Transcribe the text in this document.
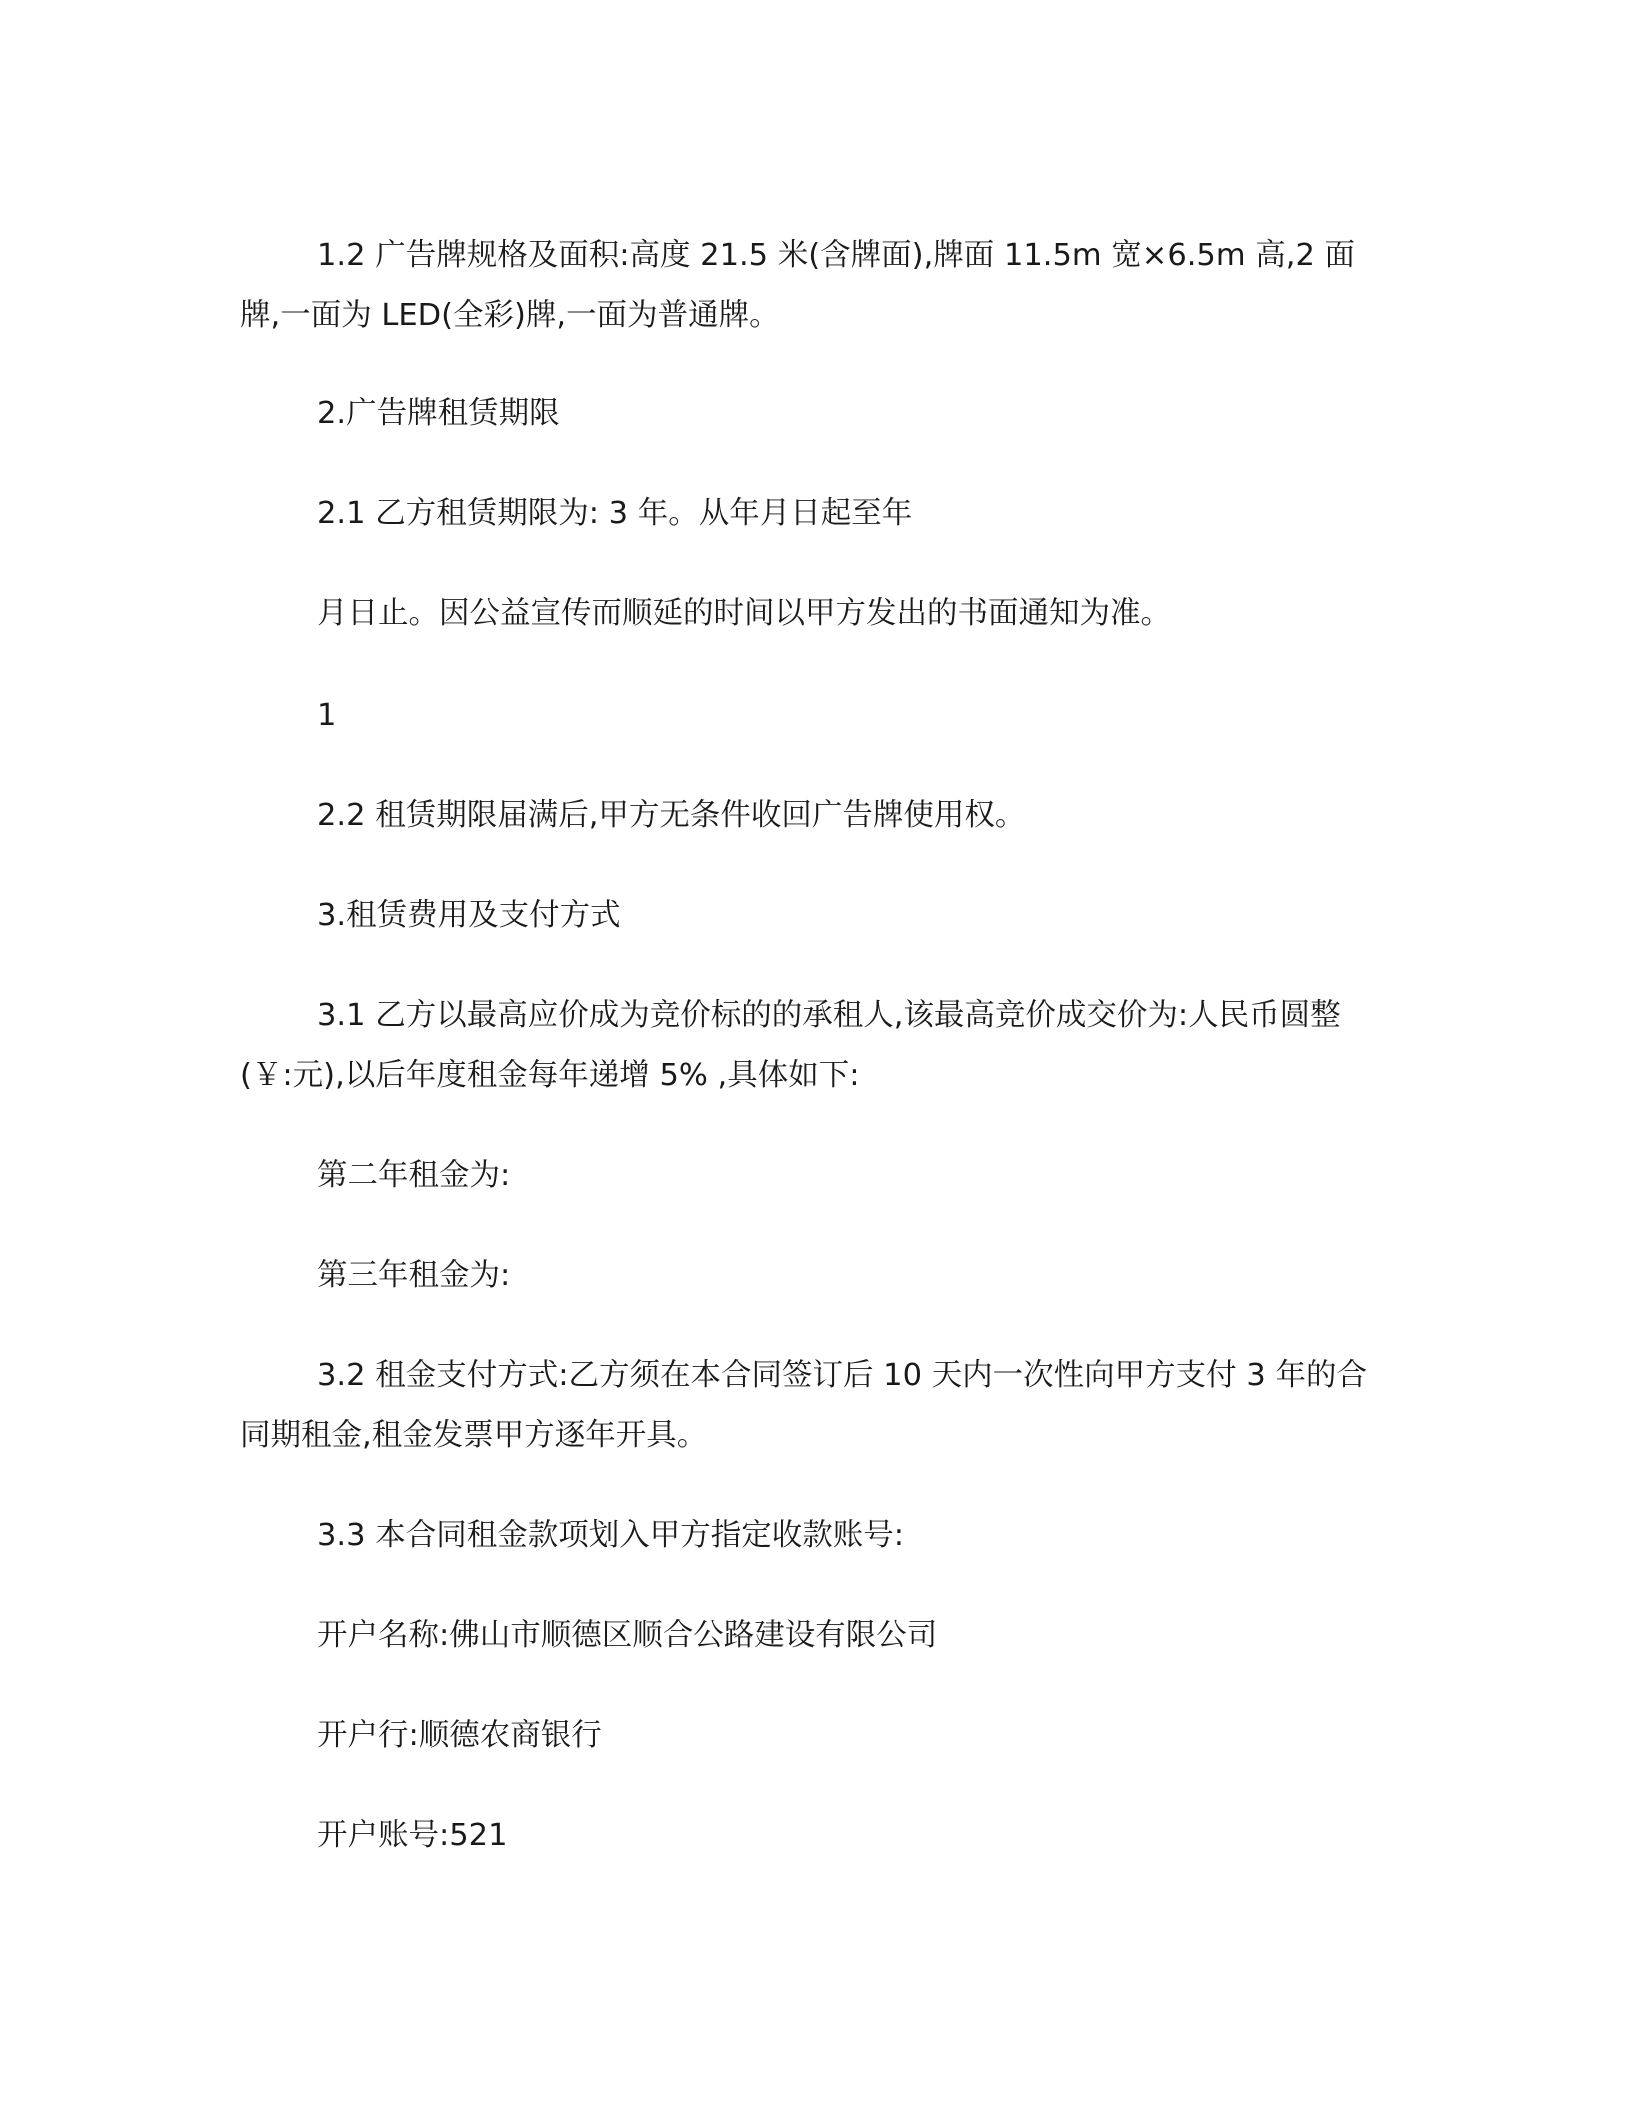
1.2 广告牌规格及面积:高度 21.5 米(含牌面),牌面 11.5m 宽×6.5m 高,2 面牌,一面为 LED(全彩)牌,一面为普通牌。

2.广告牌租赁期限

2.1 乙方租赁期限为: 3 年。从年月日起至年

月日止。因公益宣传而顺延的时间以甲方发出的书面通知为准。

1

2.2 租赁期限届满后,甲方无条件收回广告牌使用权。

3.租赁费用及支付方式

3.1 乙方以最高应价成为竞价标的的承租人,该最高竞价成交价为:人民币圆整(￥:元),以后年度租金每年递增 5% ,具体如下:

第二年租金为:

第三年租金为:

3.2 租金支付方式:乙方须在本合同签订后 10 天内一次性向甲方支付 3 年的合同期租金,租金发票甲方逐年开具。

3.3 本合同租金款项划入甲方指定收款账号:

开户名称:佛山市顺德区顺合公路建设有限公司

开户行:顺德农商银行

开户账号:521
